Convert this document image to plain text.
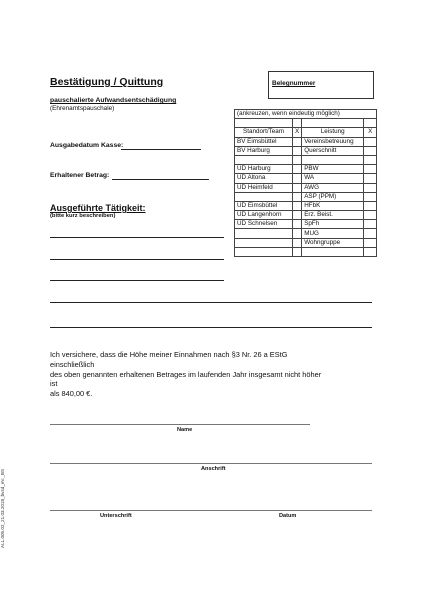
Bestätigung / Quittung
pauschalierte Aufwandsentschädigung
(Ehrenamtspauschale)
Belegnummer
Ausgabedatum Kasse:
Erhaltener Betrag:
Ausgeführte Tätigkeit:
(bitte kurz beschreiben)
(ankreuzen, wenn eindeutig möglich)			

Standort/Team	X	Leistung	X
BV Eimsbüttel		Vereinsbetreuung	
BV Harburg		Querschnitt	

UD Harburg		PBW	
UD Altona		WA	
UD Heimfeld		AWG	
		ASP (PPM)	
UD Eimsbüttel		HFbK	
UD Langenhorn		Erz. Beist.	
UD Schnelsen		SpFh	
		MUG	
		Wohngruppe	

Ich versichere, dass die Höhe meiner Einnahmen nach §3 Nr. 26 a EStG
einschließlich
des oben genannten erhaltenen Betrages im laufenden Jahr insgesamt nicht höher
ist
als 840,00 €.
Name
Anschrift
Unterschrift	Datum
ALL.005.02_21.03.2018_bvsd_eV._BS
